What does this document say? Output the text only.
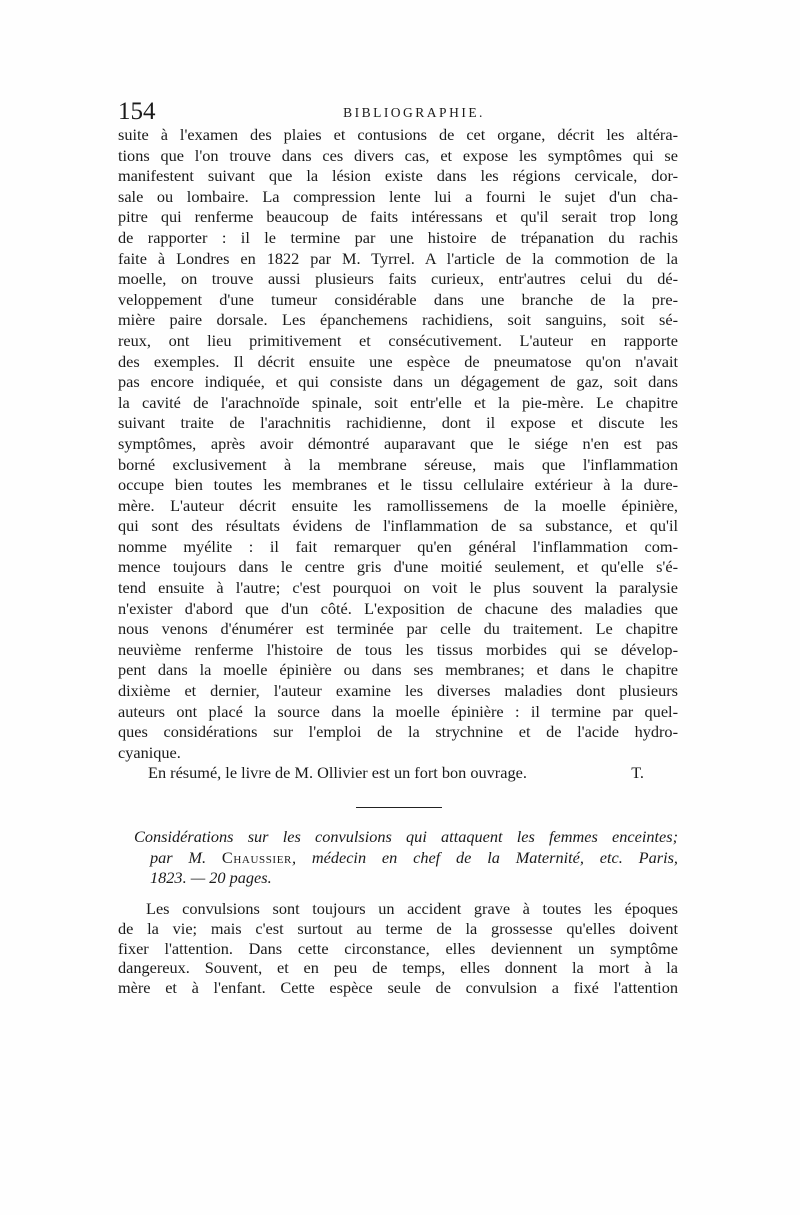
154	BIBLIOGRAPHIE.
suite à l'examen des plaies et contusions de cet organe, décrit les altéra-
tions que l'on trouve dans ces divers cas, et expose les symptômes qui se
manifestent suivant que la lésion existe dans les régions cervicale, dor-
sale ou lombaire. La compression lente lui a fourni le sujet d'un cha-
pitre qui renferme beaucoup de faits intéressans et qu'il serait trop long
de rapporter : il le termine par une histoire de trépanation du rachis
faite à Londres en 1822 par M. Tyrrel. A l'article de la commotion de la
moelle, on trouve aussi plusieurs faits curieux, entr'autres celui du dé-
veloppement d'une tumeur considérable dans une branche de la pre-
mière paire dorsale. Les épanchemens rachidiens, soit sanguins, soit sé-
reux, ont lieu primitivement et consécutivement. L'auteur en rapporte
des exemples. Il décrit ensuite une espèce de pneumatose qu'on n'avait
pas encore indiquée, et qui consiste dans un dégagement de gaz, soit dans
la cavité de l'arachnoïde spinale, soit entr'elle et la pie-mère. Le chapitre
suivant traite de l'arachnitis rachidienne, dont il expose et discute les
symptômes, après avoir démontré auparavant que le siége n'en est pas
borné exclusivement à la membrane séreuse, mais que l'inflammation
occupe bien toutes les membranes et le tissu cellulaire extérieur à la dure-
mère. L'auteur décrit ensuite les ramollissemens de la moelle épinière,
qui sont des résultats évidens de l'inflammation de sa substance, et qu'il
nomme myélite : il fait remarquer qu'en général l'inflammation com-
mence toujours dans le centre gris d'une moitié seulement, et qu'elle s'é-
tend ensuite à l'autre; c'est pourquoi on voit le plus souvent la paralysie
n'exister d'abord que d'un côté. L'exposition de chacune des maladies que
nous venons d'énumérer est terminée par celle du traitement. Le chapitre
neuvième renferme l'histoire de tous les tissus morbides qui se dévelop-
pent dans la moelle épinière ou dans ses membranes; et dans le chapitre
dixième et dernier, l'auteur examine les diverses maladies dont plusieurs
auteurs ont placé la source dans la moelle épinière : il termine par quel-
ques considérations sur l'emploi de la strychnine et de l'acide hydro-
cyanique.
En résumé, le livre de M. Ollivier est un fort bon ouvrage.	T.
Considérations sur les convulsions qui attaquent les femmes enceintes;
par M. Chaussier, médecin en chef de la Maternité, etc. Paris,
1823. — 20 pages.
Les convulsions sont toujours un accident grave à toutes les époques
de la vie; mais c'est surtout au terme de la grossesse qu'elles doivent
fixer l'attention. Dans cette circonstance, elles deviennent un symptôme
dangereux. Souvent, et en peu de temps, elles donnent la mort à la
mère et à l'enfant. Cette espèce seule de convulsion a fixé l'attention
